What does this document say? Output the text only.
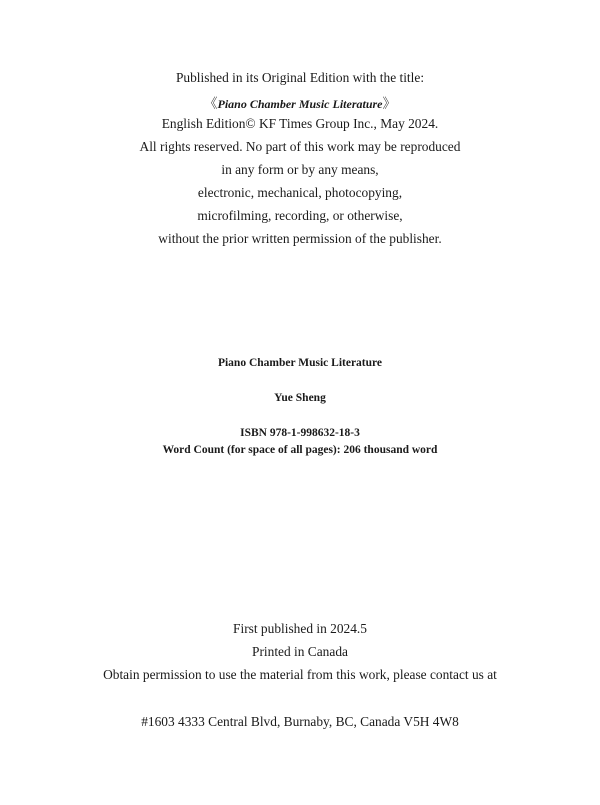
Published in its Original Edition with the title:
《Piano Chamber Music Literature》
English Edition© KF Times Group Inc., May 2024.
All rights reserved. No part of this work may be reproduced
in any form or by any means,
electronic, mechanical, photocopying,
microfilming, recording, or otherwise,
without the prior written permission of the publisher.
Piano Chamber Music Literature
Yue Sheng
ISBN 978-1-998632-18-3
Word Count (for space of all pages): 206 thousand word
First published in 2024.5
Printed in Canada
Obtain permission to use the material from this work, please contact us at
#1603 4333 Central Blvd, Burnaby, BC, Canada V5H 4W8
